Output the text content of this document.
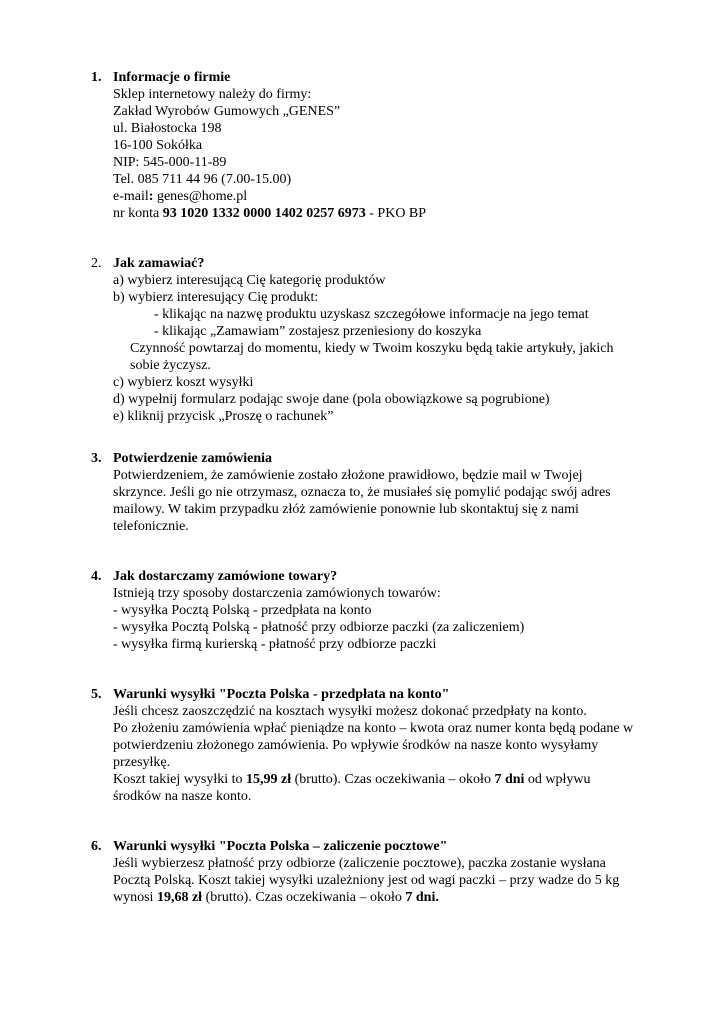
1. Informacje o firmie
Sklep internetowy należy do firmy:
Zakład Wyrobów Gumowych „GENES”
ul. Białostocka 198
16-100 Sokółka
NIP: 545-000-11-89
Tel. 085 711 44 96 (7.00-15.00)
e-mail: genes@home.pl
nr konta 93 1020 1332 0000 1402 0257 6973 - PKO BP
2. Jak zamawiać?
a) wybierz interesującą Cię kategorię produktów
b) wybierz interesujący Cię produkt:
- klikając na nazwę produktu uzyskasz szczegółowe informacje na jego temat
- klikając „Zamawiam” zostajesz przeniesiony do koszyka
Czynność powtarzaj do momentu, kiedy w Twoim koszyku będą takie artykuły, jakich
sobie życzysz.
c) wybierz koszt wysyłki
d) wypełnij formularz podając swoje dane (pola obowiązkowe są pogrubione)
e) kliknij przycisk „Proszę o rachunek”
3. Potwierdzenie zamówienia
Potwierdzeniem, że zamówienie zostało złożone prawidłowo, będzie mail w Twojej
skrzynce. Jeśli go nie otrzymasz, oznacza to, że musiałeś się pomylić podając swój adres
mailowy. W takim przypadku złóż zamówienie ponownie lub skontaktuj się z nami
telefonicznie.
4. Jak dostarczamy zamówione towary?
Istnieją trzy sposoby dostarczenia zamówionych towarów:
- wysyłka Pocztą Polską - przedpłata na konto
- wysyłka Pocztą Polską - płatność przy odbiorze paczki (za zaliczeniem)
- wysyłka firmą kurierską - płatność przy odbiorze paczki
5. Warunki wysyłki "Poczta Polska - przedpłata na konto"
Jeśli chcesz zaoszczędzić na kosztach wysyłki możesz dokonać przedpłaty na konto.
Po złożeniu zamówienia wpłać pieniądze na konto – kwota oraz numer konta będą podane w
potwierdzeniu złożonego zamówienia. Po wpływie środków na nasze konto wysyłamy
przesyłkę.
Koszt takiej wysyłki to 15,99 zł (brutto). Czas oczekiwania – około 7 dni od wpływu
środków na nasze konto.
6. Warunki wysyłki "Poczta Polska – zaliczenie pocztowe"
Jeśli wybierzesz płatność przy odbiorze (zaliczenie pocztowe), paczka zostanie wysłana
Pocztą Polską. Koszt takiej wysyłki uzależniony jest od wagi paczki – przy wadze do 5 kg
wynosi 19,68 zł (brutto). Czas oczekiwania – około 7 dni.
